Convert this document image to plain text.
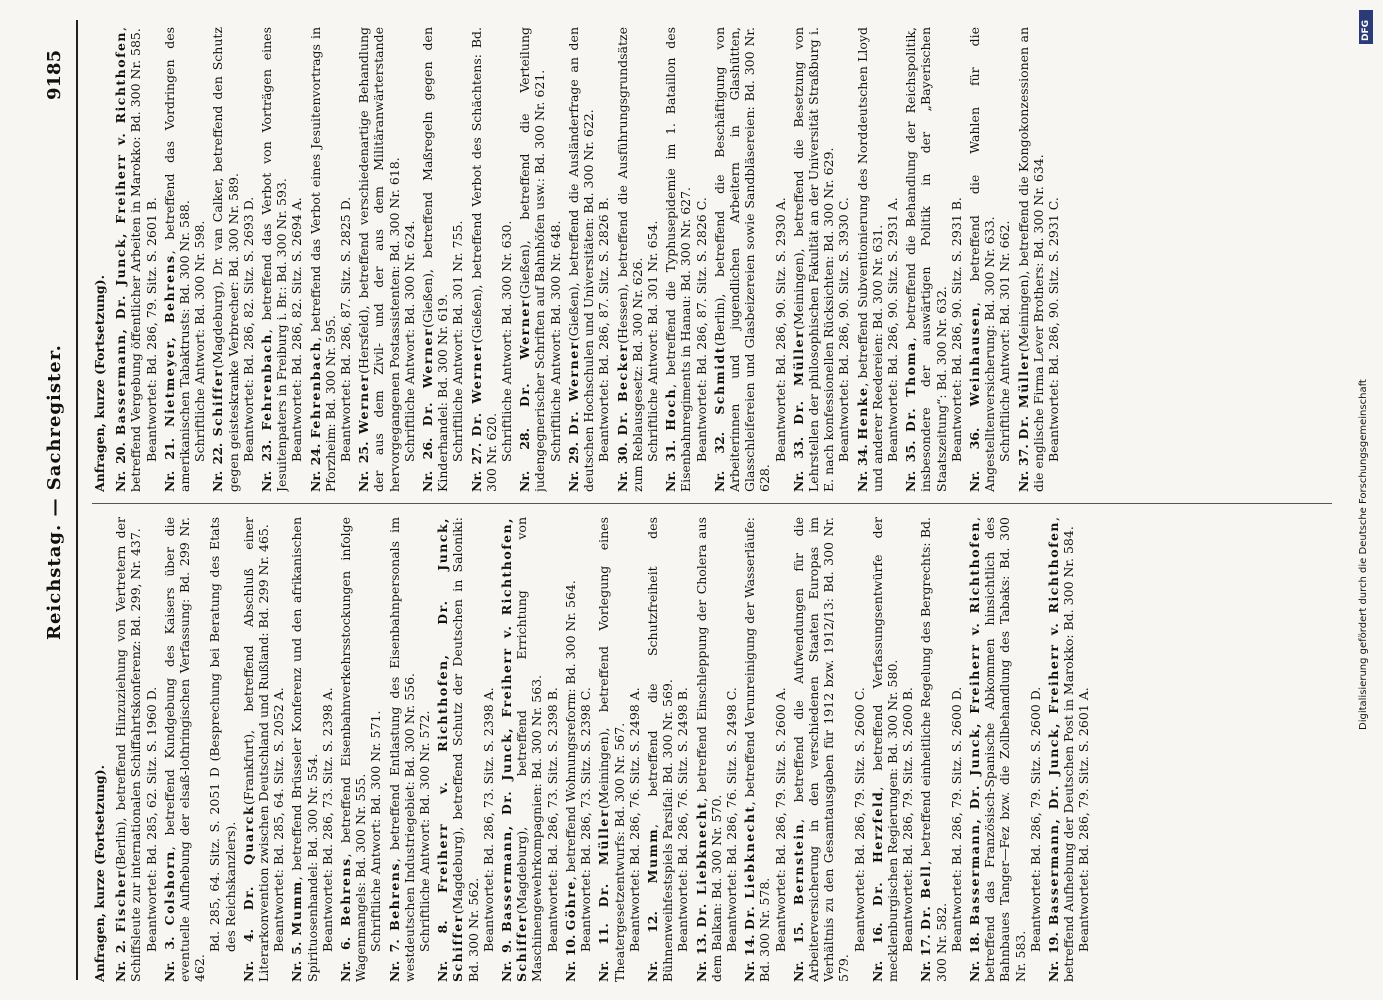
Reichstag. — Sachregister.
9185
Anfragen, kurze (Fortsetzung). Nr. 2. Fischer(Berlin), betreffend Hinzuziehung von Vertretern der Schiffsleute zur internationalen Schiffahrtskonferenz: Bd. 299, Nr. 437. Beantwortet: Bd. 285, 62. Sitz. S. 1960 D.
Nr. 3. Colshorn, betreffend Kundgebung des Kaisers über die eventuelle Aufhebung der elsaß-lothringischen Verfassung: Bd. 299 Nr. 462.
Bd. 285, 64. Sitz. S. 2051 D (Besprechung bei Beratung des Etats des Reichskanzlers). Nr. 4. Dr. Quarck(Frankfurt), betreffend Abschluß einer Literarkonvention zwischen Deutschland und Rußland: Bd. 299 Nr. 465. Beantwortet: Bd. 285, 64. Sitz. S. 2052 A.
Nr. 5. Mumm, betreffend Brüsseler Konferenz und den afrikanischen Spirituosenhandel: Bd. 300 Nr. 554. Beantwortet: Bd. 286, 73. Sitz. S. 2398 A.
Nr. 6. Behrens, betreffend Eisenbahnverkehrsstockungen infolge Wagenmangels: Bd. 300 Nr. 555. Schriftliche Antwort: Bd. 300 Nr. 571.
Nr. 7. Behrens, betreffend Entlastung des Eisenbahnpersonals im westdeutschen Industriegebiet: Bd. 300 Nr. 556. Schriftliche Antwort: Bd. 300 Nr. 572. Nr. 8. Freiherr v. Richthofen, Dr. Junck, Schiffer(Magdeburg), betreffend Schutz der Deutschen in Saloniki: Bd. 300 Nr. 562. Beantwortet: Bd. 286, 73. Sitz. S. 2398 A.
Nr. 9. Bassermann, Dr. Junck, Freiherr v. Richthofen, Schiffer(Magdeburg), betreffend Errichtung von Maschinengewehrkompagnien: Bd. 300 Nr. 563. Beantwortet: Bd. 286, 73. Sitz. S. 2398 B.
Nr. 10. Göhre, betreffend Wohnungsreform: Bd. 300 Nr. 564. Beantwortet: Bd. 286, 73. Sitz. S. 2398 C. Nr. 11. Dr. Müller(Meiningen), betreffend Vorlegung eines Theatergesetzentwurfs: Bd. 300 Nr. 567. Beantwortet: Bd. 286, 76. Sitz. S. 2498 A. Nr. 12. Mumm, betreffend die Schutzfreiheit des Bühnenweihfestspiels Parsifal: Bd. 300 Nr. 569. Beantwortet: Bd. 286, 76. Sitz. S. 2498 B.
Nr. 13. Dr. Liebknecht, betreffend Einschleppung der Cholera aus dem Balkan: Bd. 300 Nr. 570. Beantwortet: Bd. 286, 76. Sitz. S. 2498 C.
Nr. 14. Dr. Liebknecht, betreffend Verunreinigung der Wasserläufe: Bd. 300 Nr. 578. Beantwortet: Bd. 286, 79. Sitz. S. 2600 A. Nr. 15. Bernstein, betreffend die Aufwendungen für die Arbeiterversicherung in den verschiedenen Staaten Europas im Verhältnis zu den Gesamtausgaben für 1912 bzw. 1912/13: Bd. 300 Nr. 579.
Beantwortet: Bd. 286, 79. Sitz. S. 2600 C. Nr. 16. Dr. Herzfeld, betreffend Verfassungsentwürfe der mecklenburgischen Regierungen: Bd. 300 Nr. 580. Beantwortet: Bd. 286, 79. Sitz. S. 2600 B.
Nr. 17. Dr. Bell, betreffend einheitliche Regelung des Bergrechts: Bd. 300 Nr. 582. Beantwortet: Bd. 286, 79. Sitz. S. 2600 D.
Nr. 18. Bassermann, Dr. Junck, Freiherr v. Richthofen, betreffend das Französisch-Spanische Abkommen hinsichtlich des Bahnbaues Tanger—Fez bzw. die Zollbehandlung des Tabaks: Bd. 300 Nr. 583.
Beantwortet: Bd. 286, 79. Sitz. S. 2600 D.
Nr. 19. Bassermann, Dr. Junck, Freiherr v. Richthofen, betreffend Aufhebung der Deutschen Post in Marokko: Bd. 300 Nr. 584. Beantwortet: Bd. 286, 79. Sitz. S. 2601 A.
Anfragen, kurze (Fortsetzung). Nr. 20. Bassermann, Dr. Junck, Freiherr v. Richthofen, betreffend Vergebung öffentlicher Arbeiten in Marokko: Bd. 300 Nr. 585. Beantwortet: Bd. 286, 79. Sitz. S. 2601 B. Nr. 21. Nietmeyer, Behrens, betreffend das Vordringen des amerikanischen Tabaktrusts: Bd. 300 Nr. 588. Schriftliche Antwort: Bd. 300 Nr. 598.
Nr. 22. Schiffer(Magdeburg), Dr. van Calker, betreffend den Schutz gegen geisteskranke Verbrecher: Bd. 300 Nr. 589. Beantwortet: Bd. 286, 82. Sitz. S. 2693 D. Nr. 23. Fehrenbach, betreffend das Verbot von Vorträgen eines Jesuitenpaters in Freiburg i. Br.: Bd. 300 Nr. 593. Beantwortet: Bd. 286, 82. Sitz. S. 2694 A.
Nr. 24. Fehrenbach, betreffend das Verbot eines Jesuitenvortrags in Pforzheim: Bd. 300 Nr. 595. Beantwortet: Bd. 286, 87. Sitz. S. 2825 D.
Nr. 25. Werner(Hersfeld), betreffend verschiedenartige Behandlung der aus dem Zivil- und der aus dem Militäranwärterstande hervorgegangenen Postassistenten: Bd. 300 Nr. 618. Schriftliche Antwort: Bd. 300 Nr. 624. Nr. 26. Dr. Werner(Gießen), betreffend Maßregeln gegen den Kinderhandel: Bd. 300 Nr. 619. Schriftliche Antwort: Bd. 301 Nr. 755.
Nr. 27. Dr. Werner(Gießen), betreffend Verbot des Schächtens: Bd. 300 Nr. 620. Schriftliche Antwort: Bd. 300 Nr. 630. Nr. 28. Dr. Werner(Gießen), betreffend die Verteilung judengegnerischer Schriften auf Bahnhöfen usw.: Bd. 300 Nr. 621. Schriftliche Antwort: Bd. 300 Nr. 648.
Nr. 29. Dr. Werner(Gießen), betreffend die Ausländerfrage an den deutschen Hochschulen und Universitäten: Bd. 300 Nr. 622. Beantwortet: Bd. 286, 87. Sitz. S. 2826 B.
Nr. 30. Dr. Becker(Hessen), betreffend die Ausführungsgrundsätze zum Reblausgesetz: Bd. 300 Nr. 626. Schriftliche Antwort: Bd. 301 Nr. 654. Nr. 31. Hoch, betreffend die Typhusepidemie im 1. Bataillon des Eisenbahnregiments in Hanau: Bd. 300 Nr. 627. Beantwortet: Bd. 286, 87. Sitz. S. 2826 C. Nr. 32. Schmidt(Berlin), betreffend die Beschäftigung von Arbeiterinnen und jugendlichen Arbeitern in Glashütten, Glasschleifereien und Glasbeizereien sowie Sandbläsereien: Bd. 300 Nr. 628.
Beantwortet: Bd. 286, 90. Sitz. S. 2930 A. Nr. 33. Dr. Müller(Meiningen), betreffend die Besetzung von Lehrstellen der philosophischen Fakultät an der Universität Straßburg i. E. nach konfessionellen Rücksichten: Bd. 300 Nr. 629. Beantwortet: Bd. 286, 90. Sitz. S. 3930 C.
Nr. 34. Henke, betreffend Subventionierung des Norddeutschen Lloyd und anderer Reedereien: Bd. 300 Nr. 631. Beantwortet: Bd. 286, 90. Sitz. S. 2931 A. Nr. 35. Dr. Thoma, betreffend die Behandlung der Reichspolitik, insbesondere der auswärtigen Politik in der „Bayerischen Staatszeitung“: Bd. 300 Nr. 632. Beantwortet: Bd. 286, 90. Sitz. S. 2931 B. Nr. 36. Weinhausen, betreffend die Wahlen für die Angestelltenversicherung: Bd. 300 Nr. 633. Schriftliche Antwort: Bd. 301 Nr. 662.
Nr. 37. Dr. Müller(Meiningen), betreffend die Kongokonzessionen an die englische Firma Lever Brothers: Bd. 300 Nr. 634. Beantwortet: Bd. 286, 90. Sitz. S. 2931 C.
Digitalisierung gefördert durch die Deutsche Forschungsgemeinschaft
DFG
